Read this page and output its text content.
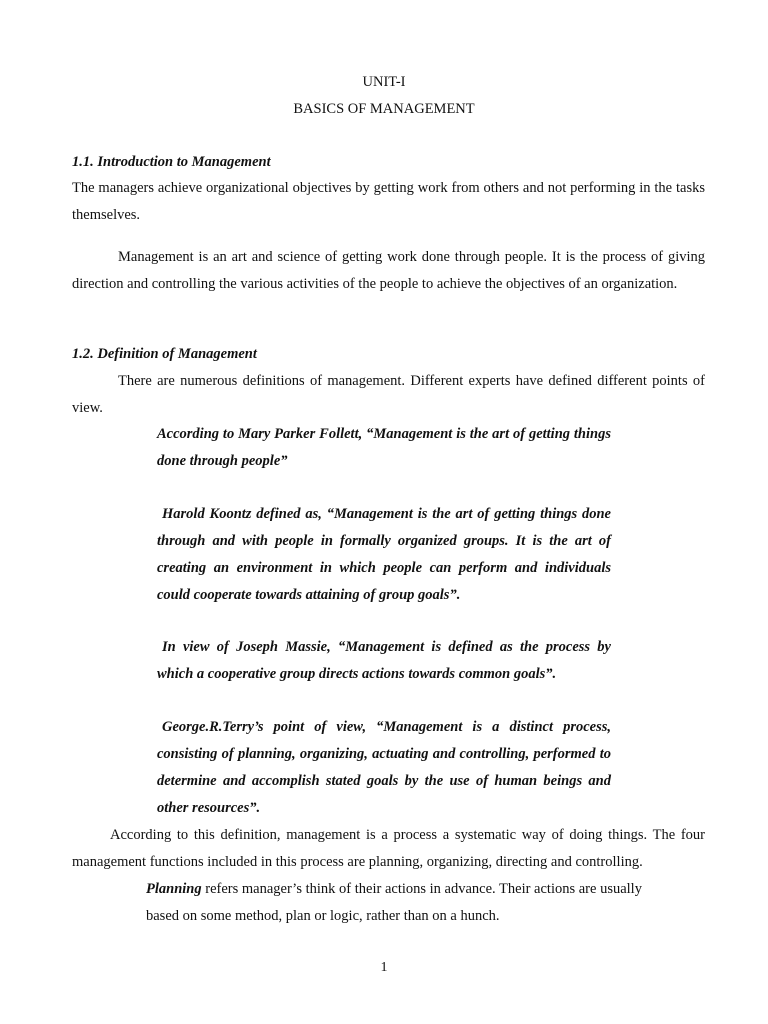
UNIT-I

BASICS OF MANAGEMENT

1.1. Introduction to Management

The managers achieve organizational objectives by getting work from others and not performing in the tasks themselves.

Management is an art and science of getting work done through people. It is the process of giving direction and controlling the various activities of the people to achieve the objectives of an organization.

1.2. Definition of Management

There are numerous definitions of management. Different experts have defined different points of view.

According to Mary Parker Follett, “Management is the art of getting things done through people”

Harold Koontz defined as, “Management is the art of getting things done through and with people in formally organized groups. It is the art of creating an environment in which people can perform and individuals could cooperate towards attaining of group goals”.

In view of Joseph Massie, “Management is defined as the process by which a cooperative group directs actions towards common goals”.

George.R.Terry’s point of view, “Management is a distinct process, consisting of planning, organizing, actuating and controlling, performed to determine and accomplish stated goals by the use of human beings and other resources”.

According to this definition, management is a process a systematic way of doing things. The four management functions included in this process are planning, organizing, directing and controlling.

Planning refers manager’s think of their actions in advance. Their actions are usually based on some method, plan or logic, rather than on a hunch.

1
